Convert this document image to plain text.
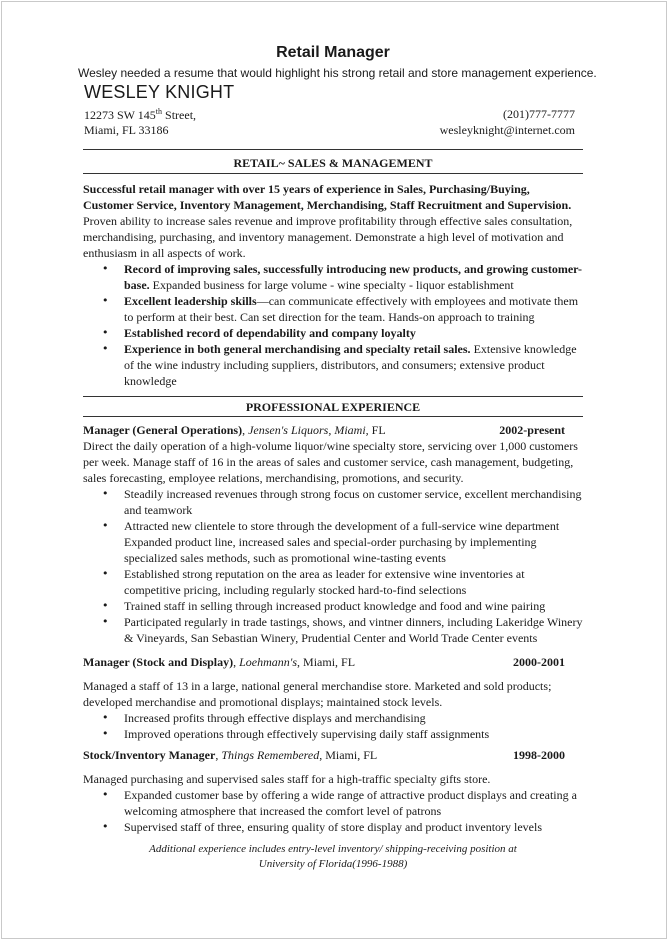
Retail Manager
Wesley needed a resume that would highlight his strong retail and store management experience.
WESLEY KNIGHT
12273 SW 145th Street,
Miami, FL 33186
(201)777-7777
wesleyknight@internet.com
RETAIL~ SALES & MANAGEMENT

Successful retail manager with over 15 years of experience in Sales, Purchasing/Buying, Customer Service, Inventory Management, Merchandising, Staff Recruitment and Supervision.

Proven ability to increase sales revenue and improve profitability through effective sales consultation, merchandising, purchasing, and inventory management. Demonstrate a high level of motivation and enthusiasm in all aspects of work.

• Record of improving sales, successfully introducing new products, and growing customer-base. Expanded business for large volume - wine specialty - liquor establishment
• Excellent leadership skills—can communicate effectively with employees and motivate them to perform at their best. Can set direction for the team. Hands-on approach to training
• Established record of dependability and company loyalty
• Experience in both general merchandising and specialty retail sales. Extensive knowledge of the wine industry including suppliers, distributors, and consumers; extensive product knowledge
PROFESSIONAL EXPERIENCE
Manager (General Operations), Jensen's Liquors, Miami, FL	2002-present

Direct the daily operation of a high-volume liquor/wine specialty store, servicing over 1,000 customers per week. Manage staff of 16 in the areas of sales and customer service, cash management, budgeting, sales forecasting, employee relations, merchandising, promotions, and security.

• Steadily increased revenues through strong focus on customer service, excellent merchandising and teamwork
• Attracted new clientele to store through the development of a full-service wine department Expanded product line, increased sales and special-order purchasing by implementing specialized sales methods, such as promotional wine-tasting events
• Established strong reputation on the area as leader for extensive wine inventories at competitive pricing, including regularly stocked hard-to-find selections
• Trained staff in selling through increased product knowledge and food and wine pairing
• Participated regularly in trade tastings, shows, and vintner dinners, including Lakeridge Winery & Vineyards, San Sebastian Winery, Prudential Center and World Trade Center events
Manager (Stock and Display), Loehmann's, Miami, FL	2000-2001

Managed a staff of 13 in a large, national general merchandise store. Marketed and sold products; developed merchandise and promotional displays; maintained stock levels.

• Increased profits through effective displays and merchandising
• Improved operations through effectively supervising daily staff assignments
Stock/Inventory Manager, Things Remembered, Miami, FL	1998-2000

Managed purchasing and supervised sales staff for a high-traffic specialty gifts store.

• Expanded customer base by offering a wide range of attractive product displays and creating a welcoming atmosphere that increased the comfort level of patrons
• Supervised staff of three, ensuring quality of store display and product inventory levels
Additional experience includes entry-level inventory/ shipping-receiving position at
University of Florida(1996-1988)
